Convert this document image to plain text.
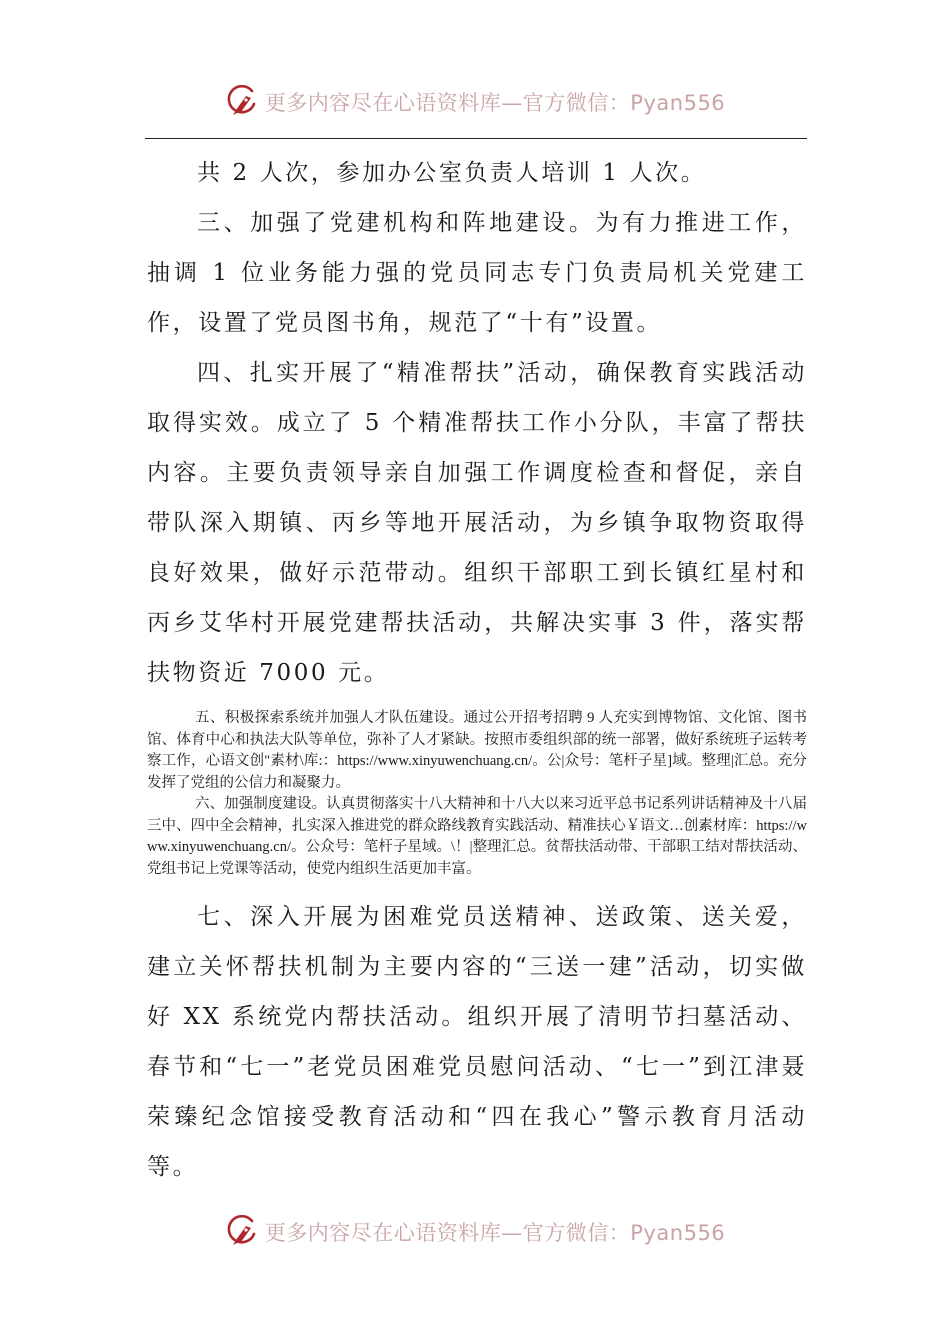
更多内容尽在心语资料库—官方微信：Pyan556

共 2 人次，参加办公室负责人培训 1 人次。

三、加强了党建机构和阵地建设。为有力推进工作，抽调 1 位业务能力强的党员同志专门负责局机关党建工作，设置了党员图书角，规范了“十有”设置。

四、扎实开展了“精准帮扶”活动，确保教育实践活动取得实效。成立了 5 个精准帮扶工作小分队，丰富了帮扶内容。主要负责领导亲自加强工作调度检查和督促，亲自带队深入期镇、丙乡等地开展活动，为乡镇争取物资取得良好效果，做好示范带动。组织干部职工到长镇红星村和丙乡艾华村开展党建帮扶活动，共解决实事 3 件，落实帮扶物资近 7000 元。

五、积极探索系统并加强人才队伍建设。通过公开招考招聘 9 人充实到博物馆、文化馆、图书馆、体育中心和执法大队等单位，弥补了人才紧缺。按照市委组织部的统一部署，做好系统班子运转考察工作，心语文创"素材\库:：https://www.xinyuwenchuang.cn/。公|众号：笔杆子星]域。整理|汇总。充分发挥了党组的公信力和凝聚力。

六、加强制度建设。认真贯彻落实十八大精神和十八大以来习近平总书记系列讲话精神及十八届三中、四中全会精神，扎实深入推进党的群众路线教育实践活动、精准扶心￥语文…创素材库：https://www.xinyuwenchuang.cn/。公众号：笔杆子星域。\！|整理汇总。贫帮扶活动带、干部职工结对帮扶活动、党组书记上党课等活动，使党内组织生活更加丰富。

七、深入开展为困难党员送精神、送政策、送关爱，建立关怀帮扶机制为主要内容的“三送一建”活动，切实做好 XX 系统党内帮扶活动。组织开展了清明节扫墓活动、春节和“七一”老党员困难党员慰问活动、“七一”到江津聂荣臻纪念馆接受教育活动和“四在我心”警示教育月活动等。

更多内容尽在心语资料库—官方微信：Pyan556
